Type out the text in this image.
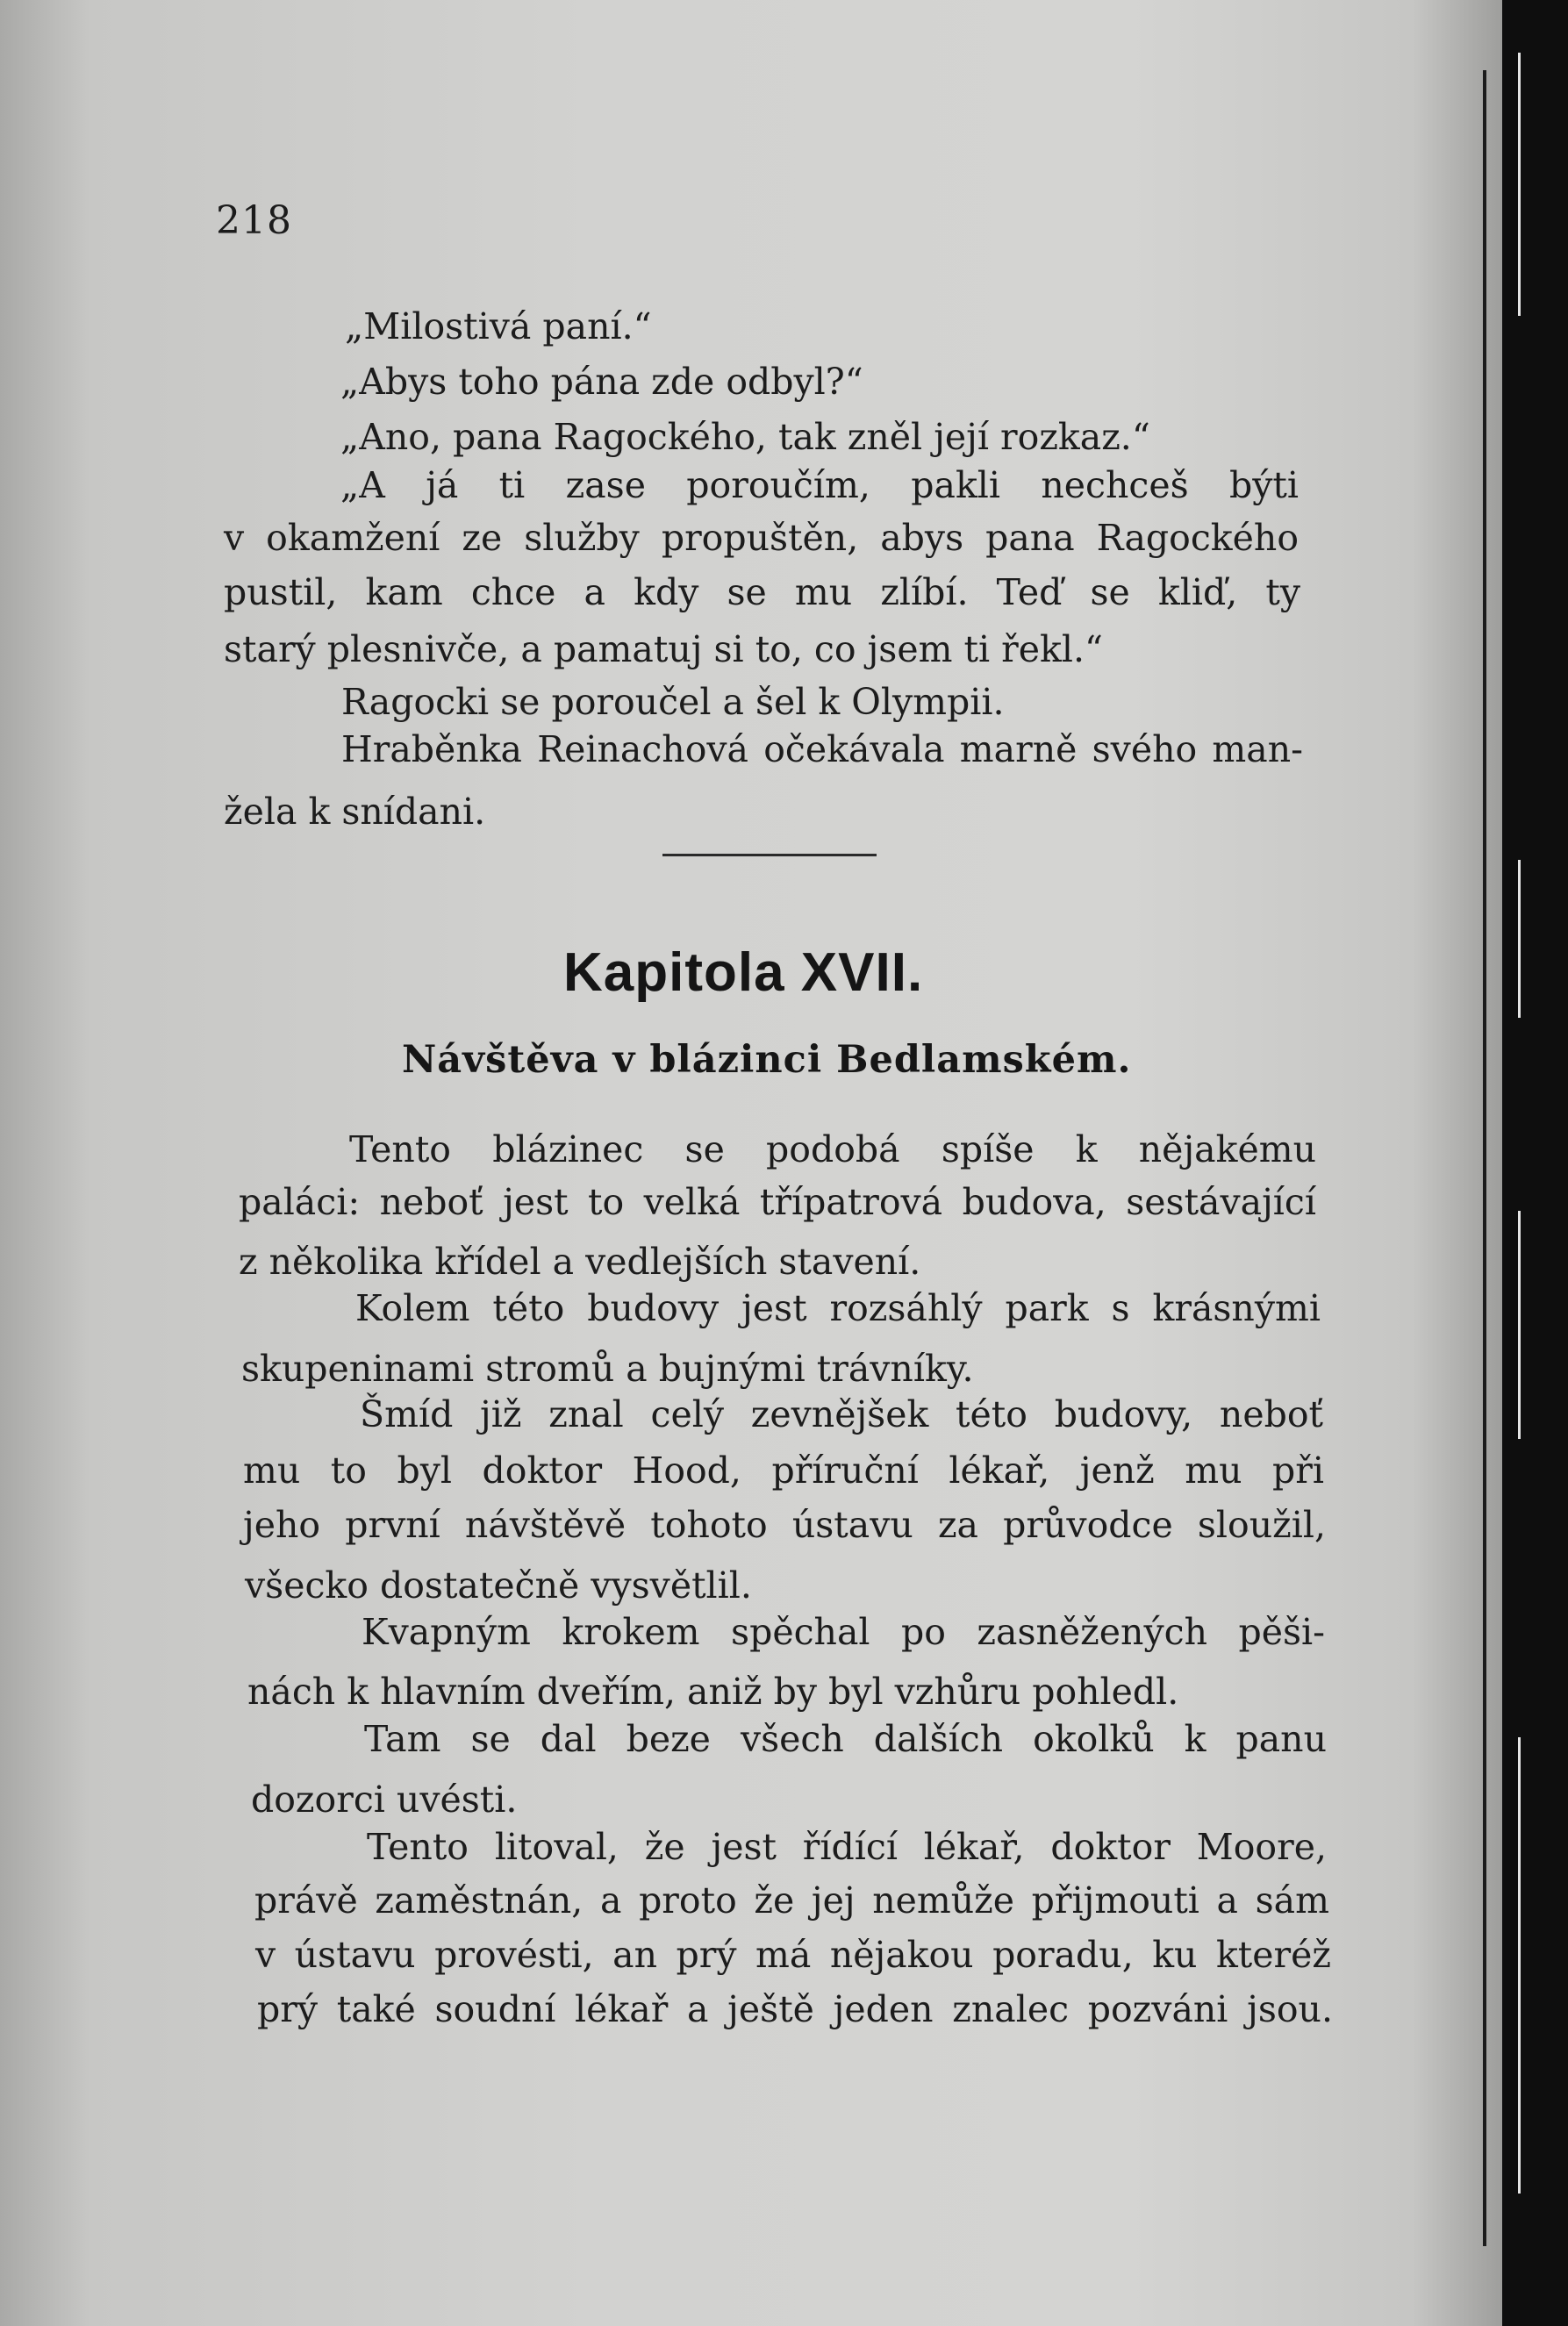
218
„Milostivá paní.“
„Abys toho pána zde odbyl?“
„Ano, pana Ragockého, tak zněl její rozkaz.“
„A já ti zase poroučím, pakli nechceš býti
v okamžení ze služby propuštěn, abys pana Ragockého
pustil, kam chce a kdy se mu zlíbí. Teď se kliď, ty
starý plesnivče, a pamatuj si to, co jsem ti řekl.“
Ragocki se poroučel a šel k Olympii.
Hraběnka Reinachová očekávala marně svého man-
žela k snídani.
Kapitola XVII.
Návštěva v blázinci Bedlamském.
Tento blázinec se podobá spíše k nějakému
paláci: neboť jest to velká třípatrová budova, sestávající
z několika křídel a vedlejších stavení.
Kolem této budovy jest rozsáhlý park s krásnými
skupeninami stromů a bujnými trávníky.
Šmíd již znal celý zevnějšek této budovy, neboť
mu to byl doktor Hood, příruční lékař, jenž mu při
jeho první návštěvě tohoto ústavu za průvodce sloužil,
všecko dostatečně vysvětlil.
Kvapným krokem spěchal po zasněžených pěši-
nách k hlavním dveřím, aniž by byl vzhůru pohledl.
Tam se dal beze všech dalších okolků k panu
dozorci uvésti.
Tento litoval, že jest řídící lékař, doktor Moore,
právě zaměstnán, a proto že jej nemůže přijmouti a sám
v ústavu provésti, an prý má nějakou poradu, ku kteréž
prý také soudní lékař a ještě jeden znalec pozváni jsou.
